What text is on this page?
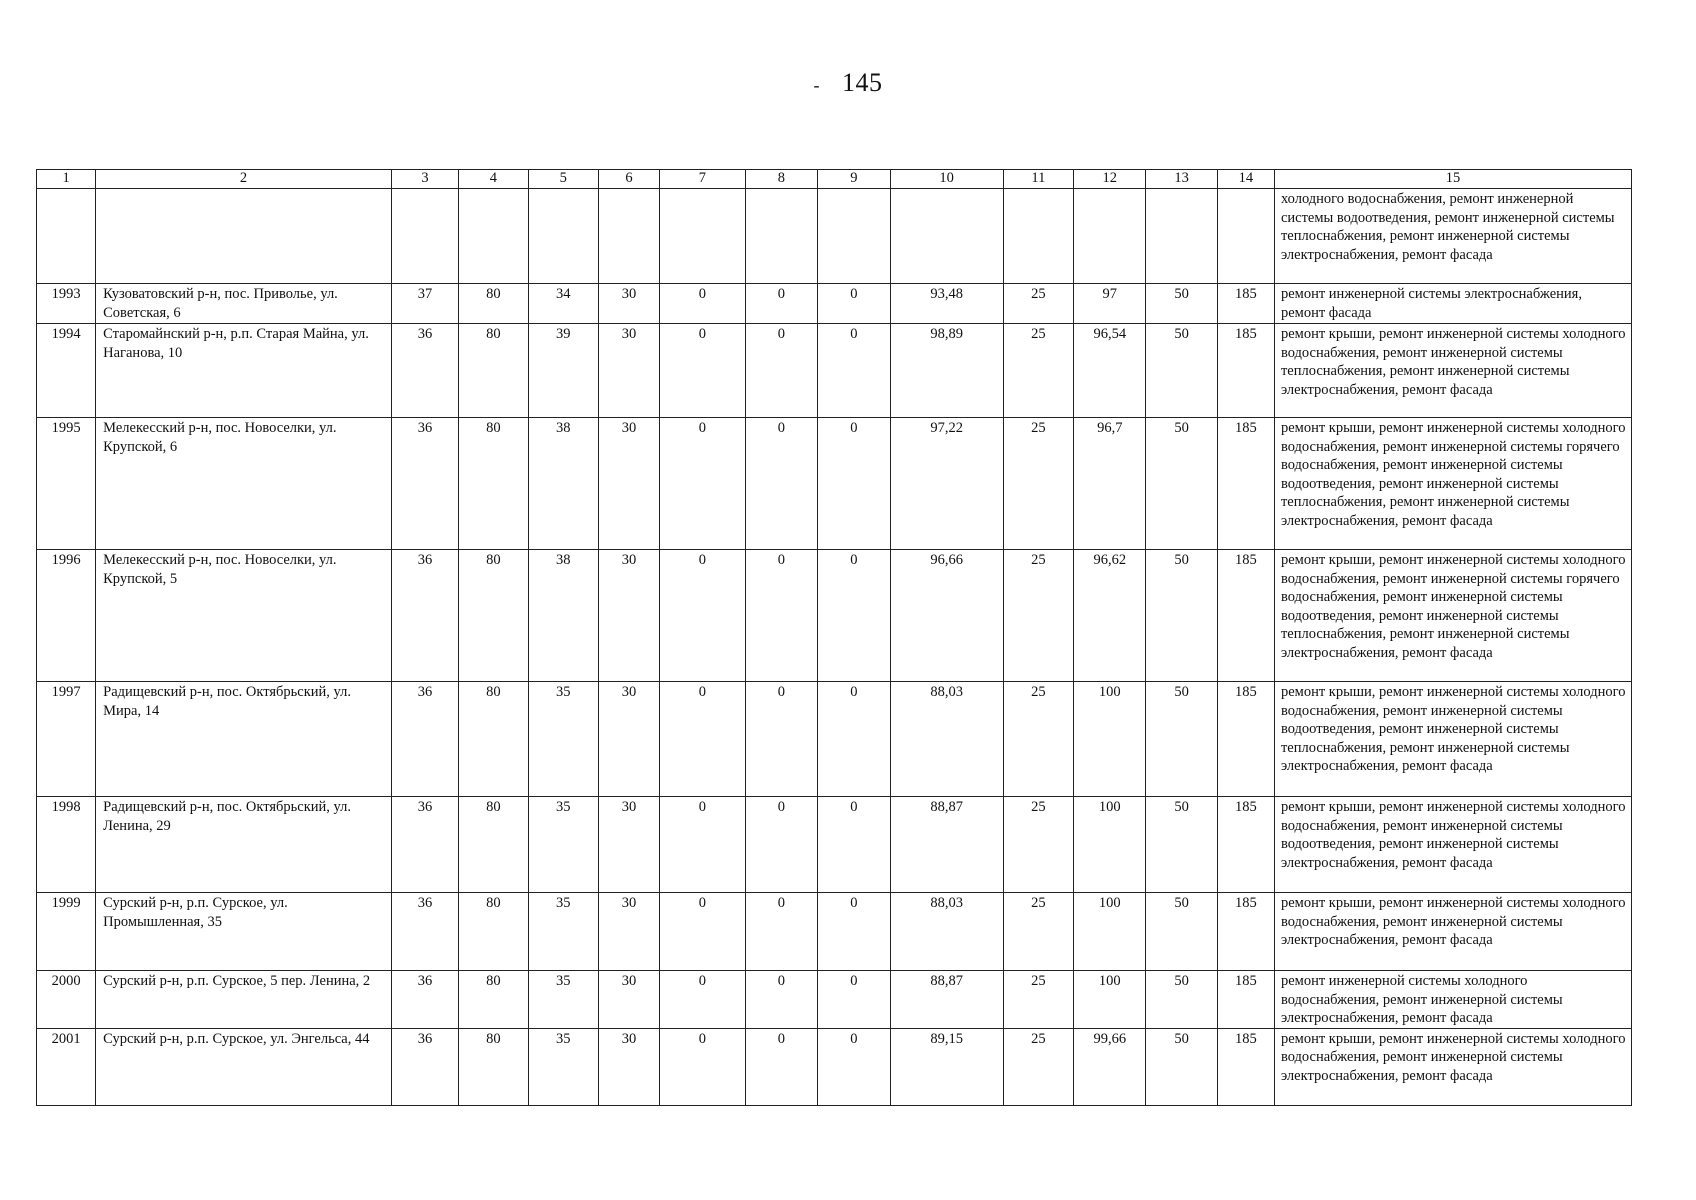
- 145
1	2	3	4	5	6	7	8	9	10	11	12	13	14	15
														холодного водоснабжения, ремонт инженерной системы водоотведения, ремонт инженерной системы теплоснабжения, ремонт инженерной системы электроснабжения, ремонт фасада
1993	Кузоватовский р-н, пос. Приволье, ул. Советская, 6	37	80	34	30	0	0	0	93,48	25	97	50	185	ремонт инженерной системы электроснабжения, ремонт фасада
1994	Старомайнский р-н, р.п. Старая Майна, ул. Наганова, 10	36	80	39	30	0	0	0	98,89	25	96,54	50	185	ремонт крыши, ремонт инженерной системы холодного водоснабжения, ремонт инженерной системы теплоснабжения, ремонт инженерной системы электроснабжения, ремонт фасада
1995	Мелекесский р-н, пос. Новоселки, ул. Крупской, 6	36	80	38	30	0	0	0	97,22	25	96,7	50	185	ремонт крыши, ремонт инженерной системы холодного водоснабжения, ремонт инженерной системы горячего водоснабжения, ремонт инженерной системы водоотведения, ремонт инженерной системы теплоснабжения, ремонт инженерной системы электроснабжения, ремонт фасада
1996	Мелекесский р-н, пос. Новоселки, ул. Крупской, 5	36	80	38	30	0	0	0	96,66	25	96,62	50	185	ремонт крыши, ремонт инженерной системы холодного водоснабжения, ремонт инженерной системы горячего водоснабжения, ремонт инженерной системы водоотведения, ремонт инженерной системы теплоснабжения, ремонт инженерной системы электроснабжения, ремонт фасада
1997	Радищевский р-н, пос. Октябрьский, ул. Мира, 14	36	80	35	30	0	0	0	88,03	25	100	50	185	ремонт крыши, ремонт инженерной системы холодного водоснабжения, ремонт инженерной системы водоотведения, ремонт инженерной системы теплоснабжения, ремонт инженерной системы электроснабжения, ремонт фасада
1998	Радищевский р-н, пос. Октябрьский, ул. Ленина, 29	36	80	35	30	0	0	0	88,87	25	100	50	185	ремонт крыши, ремонт инженерной системы холодного водоснабжения, ремонт инженерной системы водоотведения, ремонт инженерной системы электроснабжения, ремонт фасада
1999	Сурский р-н, р.п. Сурское, ул. Промышленная, 35	36	80	35	30	0	0	0	88,03	25	100	50	185	ремонт крыши, ремонт инженерной системы холодного водоснабжения, ремонт инженерной системы электроснабжения, ремонт фасада
2000	Сурский р-н, р.п. Сурское, 5 пер. Ленина, 2	36	80	35	30	0	0	0	88,87	25	100	50	185	ремонт инженерной системы холодного водоснабжения, ремонт инженерной системы электроснабжения, ремонт фасада
2001	Сурский р-н, р.п. Сурское, ул. Энгельса, 44	36	80	35	30	0	0	0	89,15	25	99,66	50	185	ремонт крыши, ремонт инженерной системы холодного водоснабжения, ремонт инженерной системы электроснабжения, ремонт фасада
